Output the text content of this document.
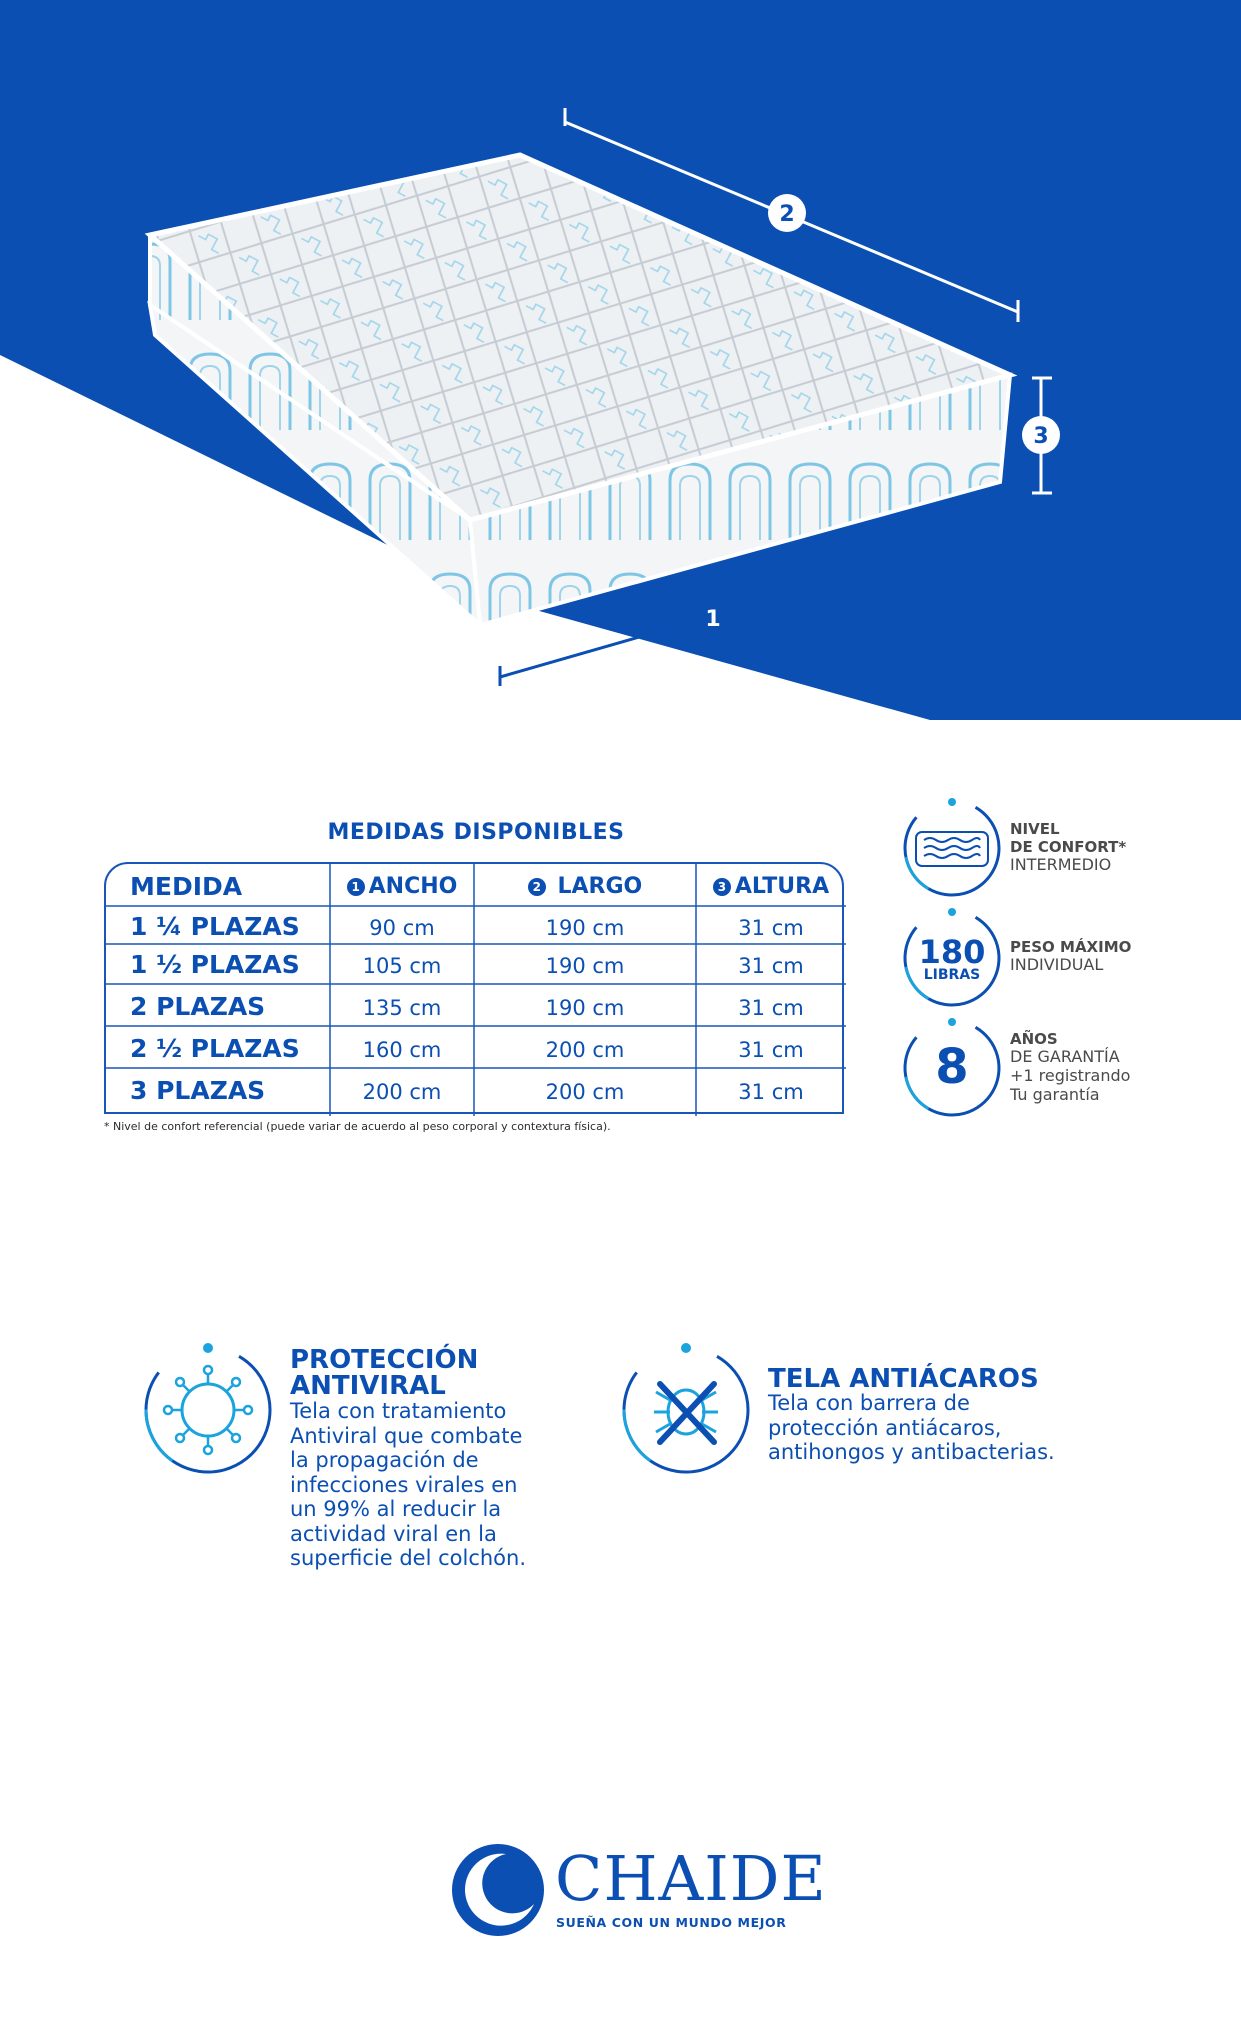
2
3
1
MEDIDAS DISPONIBLES
MEDIDA	1 ANCHO	2 LARGO	3 ALTURA
1 ¼ PLAZAS	90 cm	190 cm	31 cm
1 ½ PLAZAS	105 cm	190 cm	31 cm
2 PLAZAS	135 cm	190 cm	31 cm
2 ½ PLAZAS	160 cm	200 cm	31 cm
3 PLAZAS	200 cm	200 cm	31 cm
* Nivel de confort referencial (puede variar de acuerdo al peso corporal y contextura física).
NIVEL
DE CONFORT*
INTERMEDIO
180
LIBRAS
PESO MÁXIMO
INDIVIDUAL
8	AÑOS
DE GARANTÍA
+1 registrando
Tu garantía
PROTECCIÓN
ANTIVIRAL
Tela con tratamiento
Antiviral que combate
la propagación de
infecciones virales en
un 99% al reducir la
actividad viral en la
superficie del colchón.
TELA ANTIÁCAROS
Tela con barrera de
protección antiácaros,
antihongos y antibacterias.
CHAIDE
SUEÑA CON UN MUNDO MEJOR
